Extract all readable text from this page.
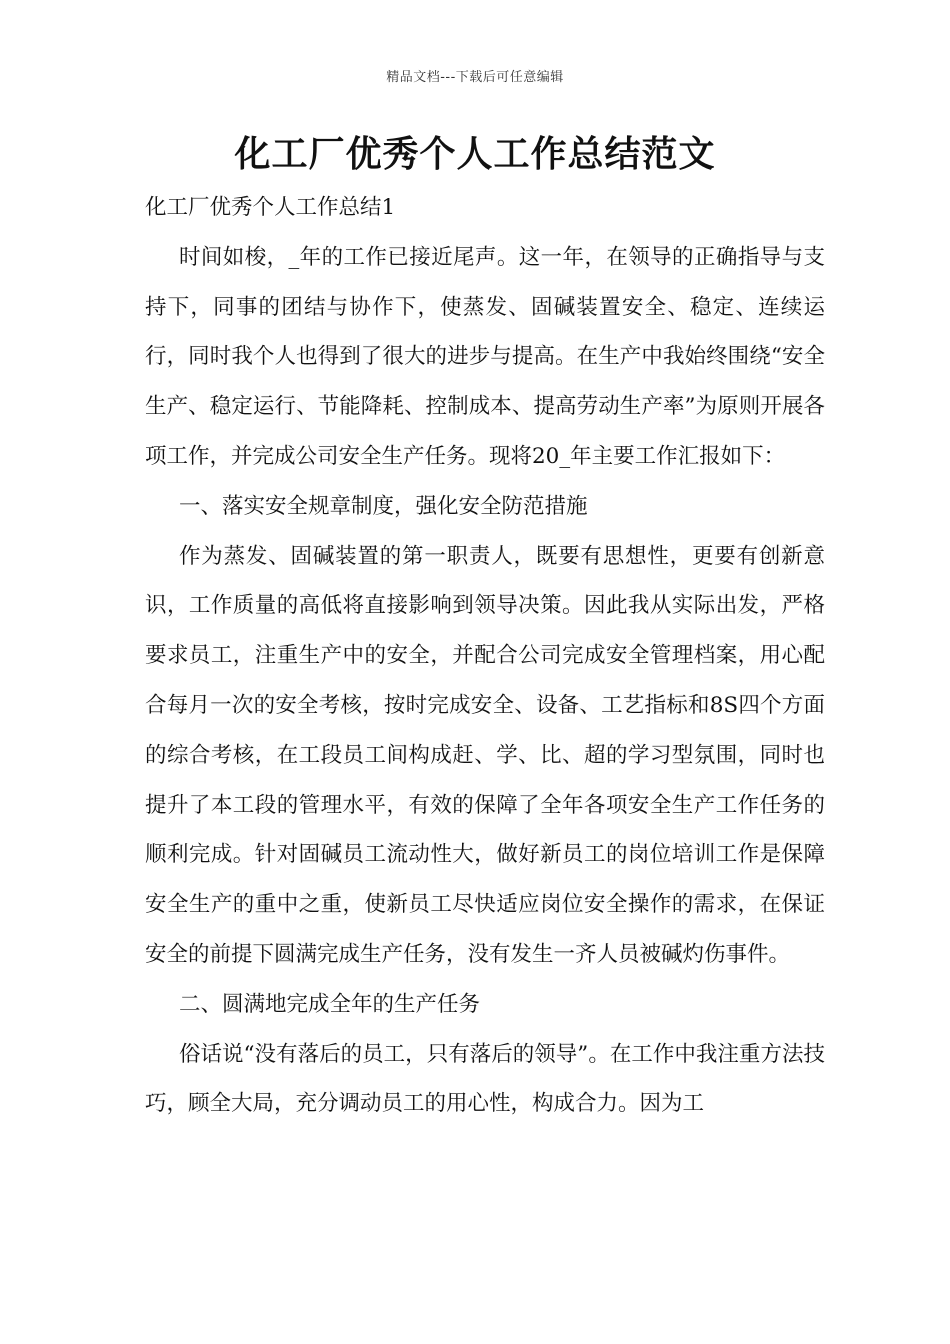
精品文档---下载后可任意编辑
化工厂优秀个人工作总结范文

化工厂优秀个人工作总结1

时间如梭，_年的工作已接近尾声。这一年，在领导的正确指导与支持下，同事的团结与协作下，使蒸发、固碱装置安全、稳定、连续运行，同时我个人也得到了很大的进步与提高。在生产中我始终围绕“安全生产、稳定运行、节能降耗、控制成本、提高劳动生产率”为原则开展各项工作，并完成公司安全生产任务。现将20_年主要工作汇报如下：

一、落实安全规章制度，强化安全防范措施

作为蒸发、固碱装置的第一职责人，既要有思想性，更要有创新意识，工作质量的高低将直接影响到领导决策。因此我从实际出发，严格要求员工，注重生产中的安全，并配合公司完成安全管理档案，用心配合每月一次的安全考核，按时完成安全、设备、工艺指标和8S四个方面的综合考核，在工段员工间构成赶、学、比、超的学习型氛围，同时也提升了本工段的管理水平，有效的保障了全年各项安全生产工作任务的顺利完成。针对固碱员工流动性大，做好新员工的岗位培训工作是保障安全生产的重中之重，使新员工尽快适应岗位安全操作的需求，在保证安全的前提下圆满完成生产任务，没有发生一齐人员被碱灼伤事件。

二、圆满地完成全年的生产任务

俗话说“没有落后的员工，只有落后的领导”。在工作中我注重方法技巧，顾全大局，充分调动员工的用心性，构成合力。因为工
